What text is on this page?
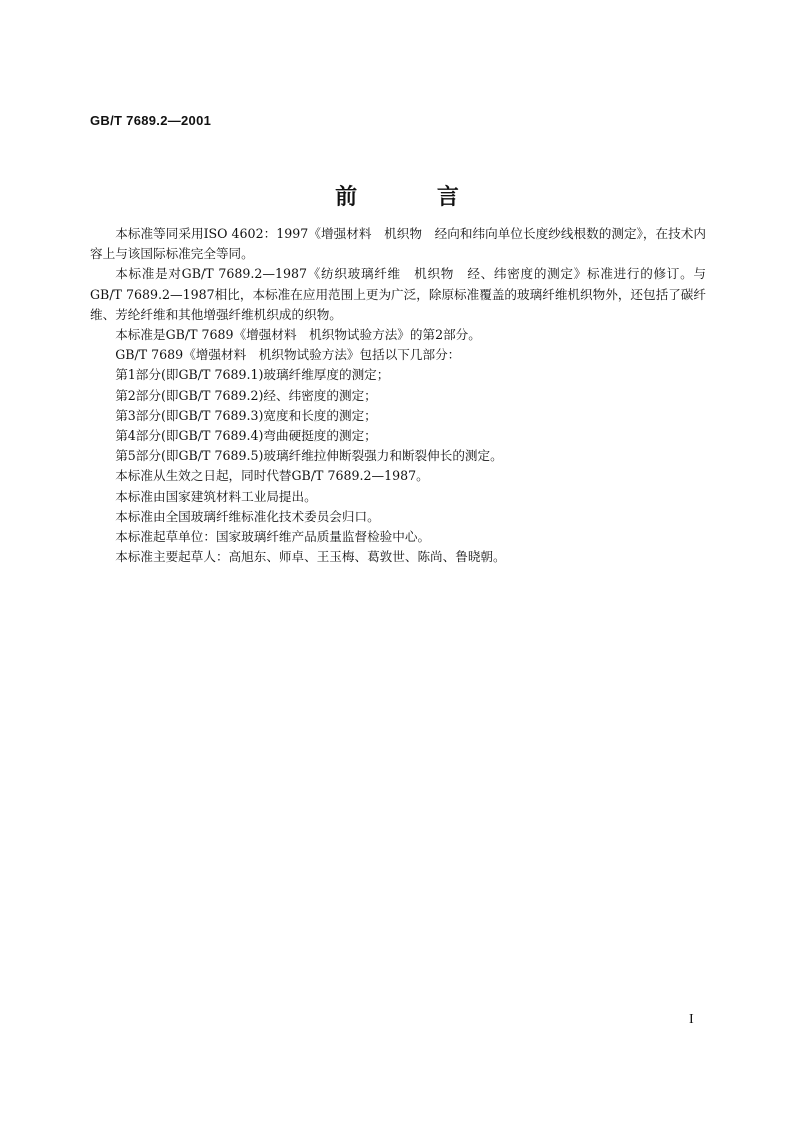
GB/T 7689.2—2001
前 言

本标准等同采用ISO 4602：1997《增强材料　机织物　经向和纬向单位长度纱线根数的测定》，在技术内容上与该国际标准完全等同。

本标准是对GB/T 7689.2—1987《纺织玻璃纤维　机织物　经、纬密度的测定》标准进行的修订。与GB/T 7689.2—1987相比，本标准在应用范围上更为广泛，除原标准覆盖的玻璃纤维机织物外，还包括了碳纤维、芳纶纤维和其他增强纤维机织成的织物。

本标准是GB/T 7689《增强材料　机织物试验方法》的第2部分。

GB/T 7689《增强材料　机织物试验方法》包括以下几部分：

第1部分(即GB/T 7689.1)玻璃纤维厚度的测定；

第2部分(即GB/T 7689.2)经、纬密度的测定；

第3部分(即GB/T 7689.3)宽度和长度的测定；

第4部分(即GB/T 7689.4)弯曲硬挺度的测定；

第5部分(即GB/T 7689.5)玻璃纤维拉伸断裂强力和断裂伸长的测定。

本标准从生效之日起，同时代替GB/T 7689.2—1987。

本标准由国家建筑材料工业局提出。

本标准由全国玻璃纤维标准化技术委员会归口。

本标准起草单位：国家玻璃纤维产品质量监督检验中心。

本标准主要起草人：高旭东、师卓、王玉梅、葛敦世、陈尚、鲁晓朝。

I
